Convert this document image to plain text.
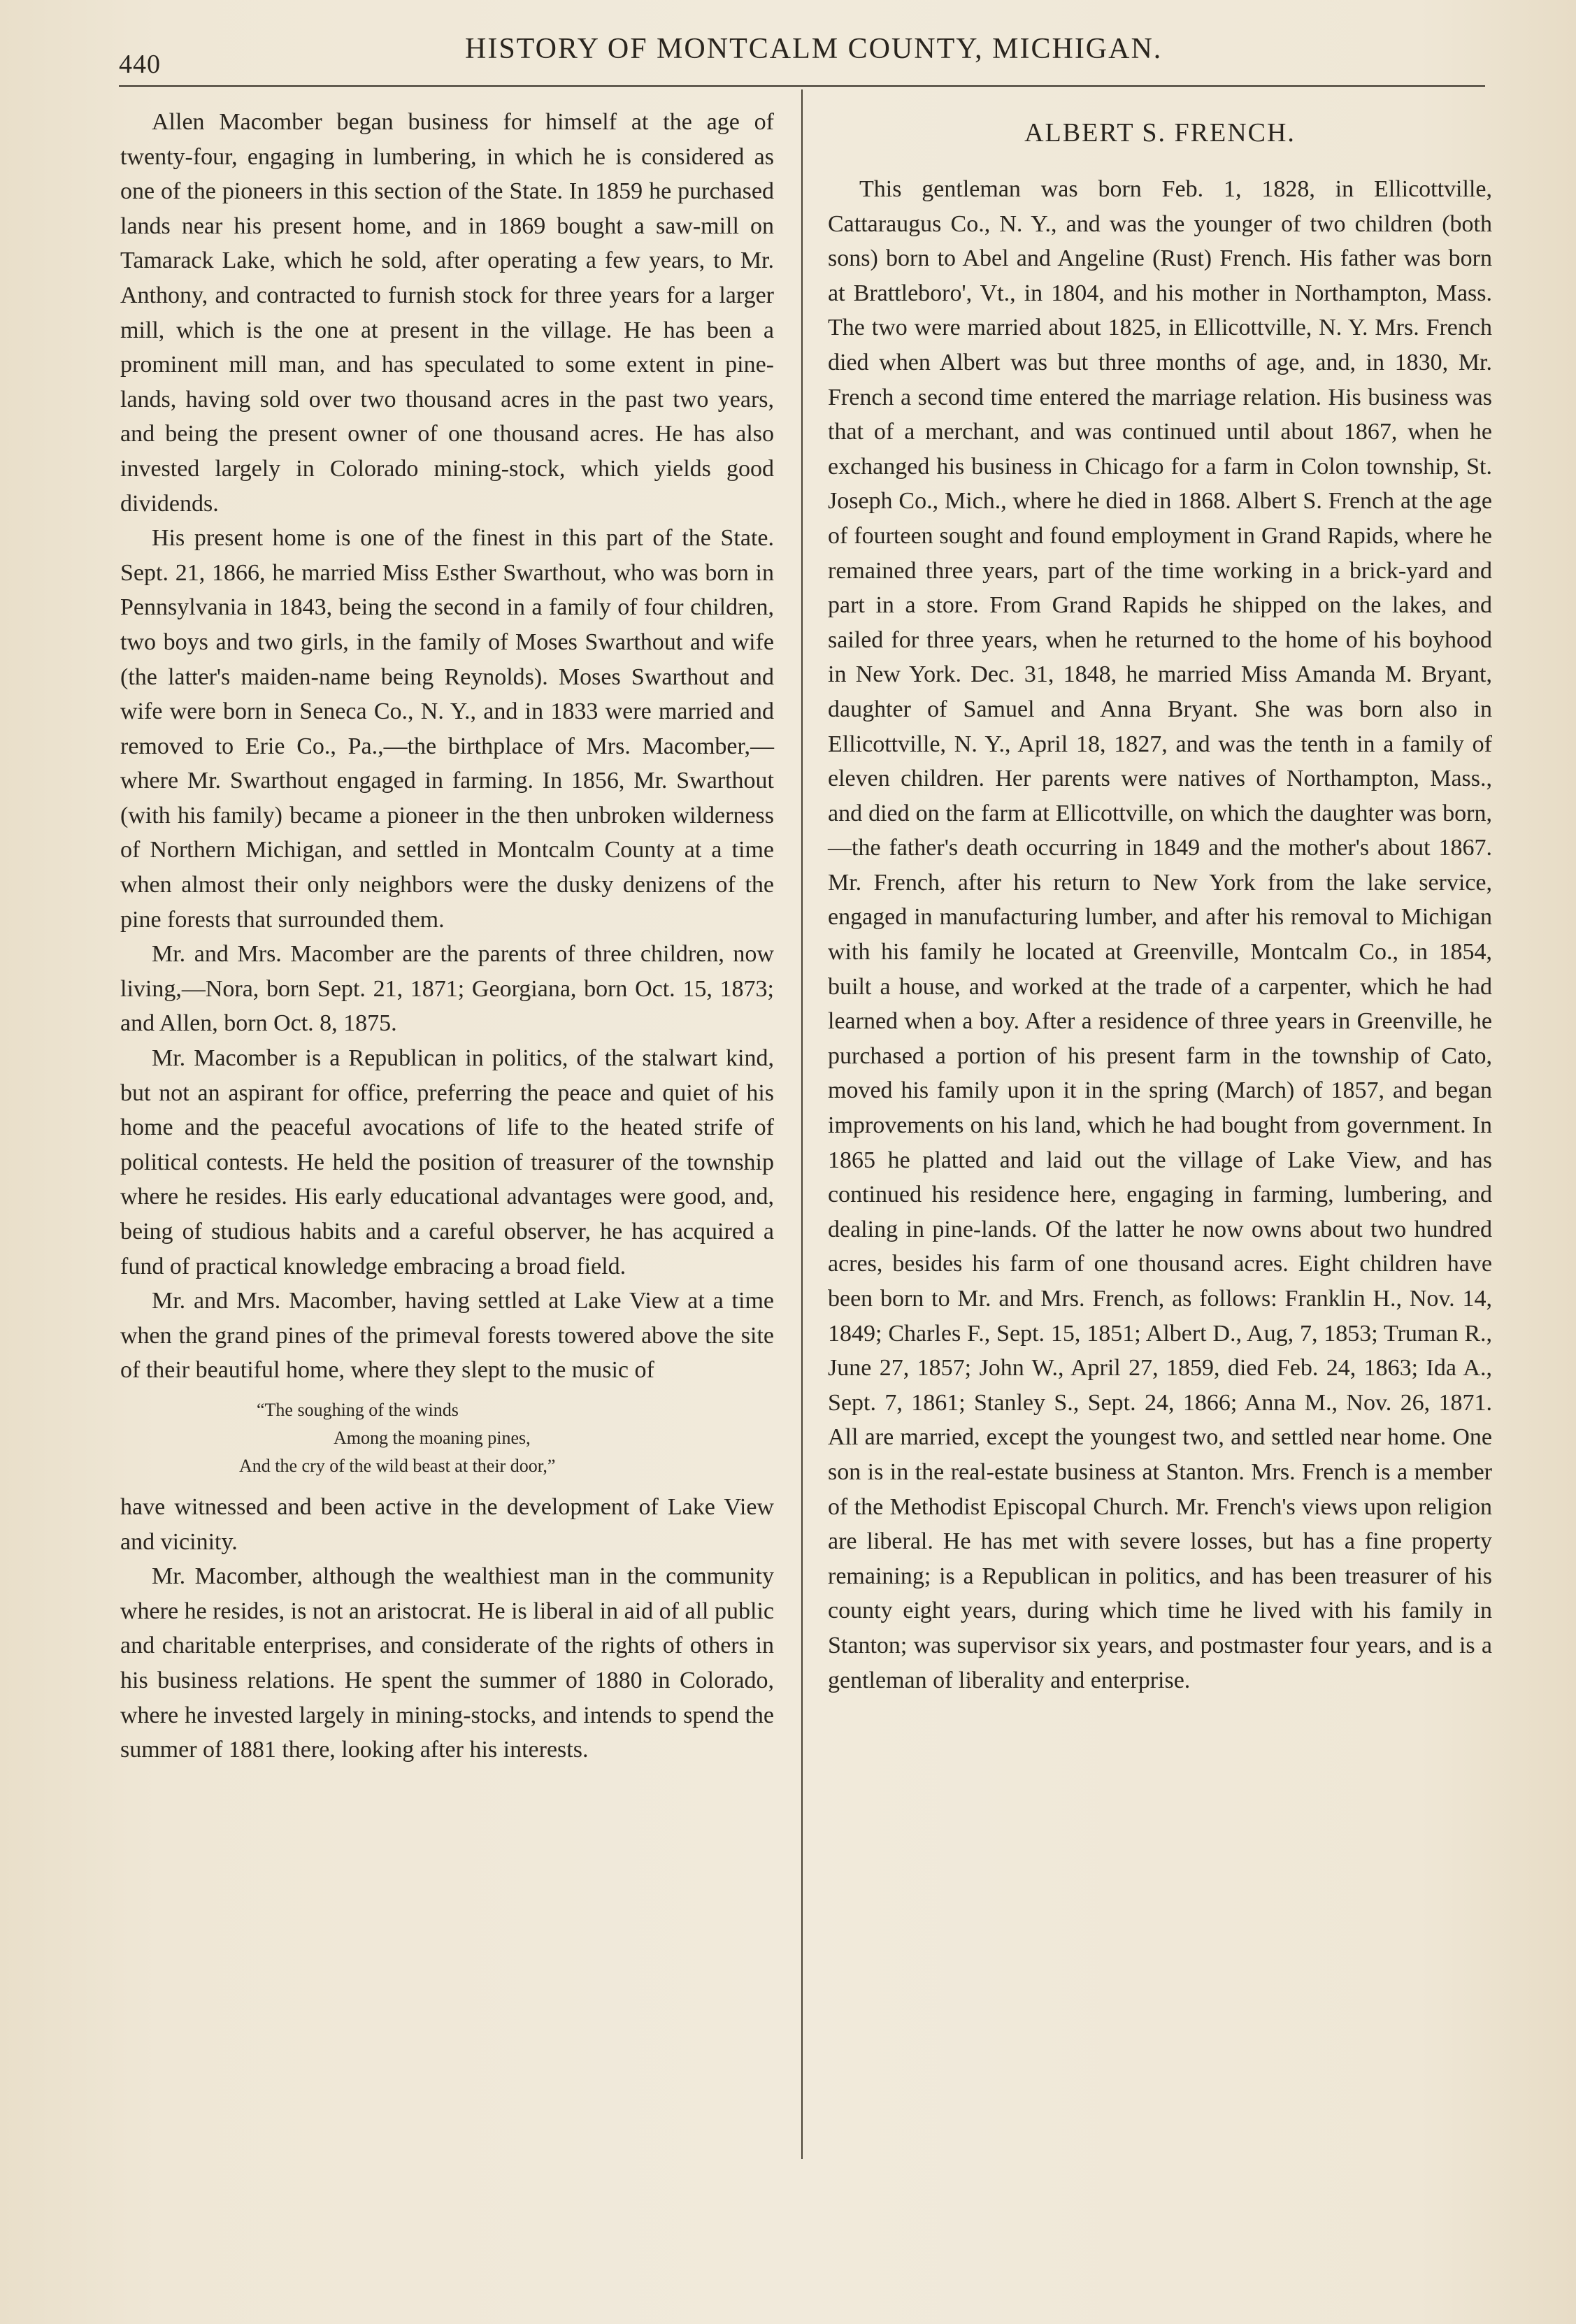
440	HISTORY OF MONTCALM COUNTY, MICHIGAN.

Allen Macomber began business for himself at the age of twenty-four, engaging in lumbering, in which he is considered as one of the pioneers in this section of the State. In 1859 he purchased lands near his present home, and in 1869 bought a saw-mill on Tamarack Lake, which he sold, after operating a few years, to Mr. Anthony, and contracted to furnish stock for three years for a larger mill, which is the one at present in the village. He has been a prominent mill man, and has speculated to some extent in pine-lands, having sold over two thousand acres in the past two years, and being the present owner of one thousand acres. He has also invested largely in Colorado mining-stock, which yields good dividends.

His present home is one of the finest in this part of the State. Sept. 21, 1866, he married Miss Esther Swarthout, who was born in Pennsylvania in 1843, being the second in a family of four children, two boys and two girls, in the family of Moses Swarthout and wife (the latter's maiden-name being Reynolds). Moses Swarthout and wife were born in Seneca Co., N. Y., and in 1833 were married and removed to Erie Co., Pa.,—the birthplace of Mrs. Macomber,—where Mr. Swarthout engaged in farming. In 1856, Mr. Swarthout (with his family) became a pioneer in the then unbroken wilderness of Northern Michigan, and settled in Montcalm County at a time when almost their only neighbors were the dusky denizens of the pine forests that surrounded them.

Mr. and Mrs. Macomber are the parents of three children, now living,—Nora, born Sept. 21, 1871; Georgiana, born Oct. 15, 1873; and Allen, born Oct. 8, 1875.

Mr. Macomber is a Republican in politics, of the stalwart kind, but not an aspirant for office, preferring the peace and quiet of his home and the peaceful avocations of life to the heated strife of political contests. He held the position of treasurer of the township where he resides. His early educational advantages were good, and, being of studious habits and a careful observer, he has acquired a fund of practical knowledge embracing a broad field.

Mr. and Mrs. Macomber, having settled at Lake View at a time when the grand pines of the primeval forests towered above the site of their beautiful home, where they slept to the music of

“The soughing of the winds
Among the moaning pines,
And the cry of the wild beast at their door,”

have witnessed and been active in the development of Lake View and vicinity.

Mr. Macomber, although the wealthiest man in the community where he resides, is not an aristocrat. He is liberal in aid of all public and charitable enterprises, and considerate of the rights of others in his business relations. He spent the summer of 1880 in Colorado, where he invested largely in mining-stocks, and intends to spend the summer of 1881 there, looking after his interests.

ALBERT S. FRENCH.

This gentleman was born Feb. 1, 1828, in Ellicottville, Cattaraugus Co., N. Y., and was the younger of two children (both sons) born to Abel and Angeline (Rust) French. His father was born at Brattleboro', Vt., in 1804, and his mother in Northampton, Mass. The two were married about 1825, in Ellicottville, N. Y. Mrs. French died when Albert was but three months of age, and, in 1830, Mr. French a second time entered the marriage relation. His business was that of a merchant, and was continued until about 1867, when he exchanged his business in Chicago for a farm in Colon township, St. Joseph Co., Mich., where he died in 1868. Albert S. French at the age of fourteen sought and found employment in Grand Rapids, where he remained three years, part of the time working in a brick-yard and part in a store. From Grand Rapids he shipped on the lakes, and sailed for three years, when he returned to the home of his boyhood in New York. Dec. 31, 1848, he married Miss Amanda M. Bryant, daughter of Samuel and Anna Bryant. She was born also in Ellicottville, N. Y., April 18, 1827, and was the tenth in a family of eleven children. Her parents were natives of Northampton, Mass., and died on the farm at Ellicottville, on which the daughter was born,—the father's death occurring in 1849 and the mother's about 1867. Mr. French, after his return to New York from the lake service, engaged in manufacturing lumber, and after his removal to Michigan with his family he located at Greenville, Montcalm Co., in 1854, built a house, and worked at the trade of a carpenter, which he had learned when a boy. After a residence of three years in Greenville, he purchased a portion of his present farm in the township of Cato, moved his family upon it in the spring (March) of 1857, and began improvements on his land, which he had bought from government. In 1865 he platted and laid out the village of Lake View, and has continued his residence here, engaging in farming, lumbering, and dealing in pine-lands. Of the latter he now owns about two hundred acres, besides his farm of one thousand acres. Eight children have been born to Mr. and Mrs. French, as follows: Franklin H., Nov. 14, 1849; Charles F., Sept. 15, 1851; Albert D., Aug, 7, 1853; Truman R., June 27, 1857; John W., April 27, 1859, died Feb. 24, 1863; Ida A., Sept. 7, 1861; Stanley S., Sept. 24, 1866; Anna M., Nov. 26, 1871. All are married, except the youngest two, and settled near home. One son is in the real-estate business at Stanton. Mrs. French is a member of the Methodist Episcopal Church. Mr. French's views upon religion are liberal. He has met with severe losses, but has a fine property remaining; is a Republican in politics, and has been treasurer of his county eight years, during which time he lived with his family in Stanton; was supervisor six years, and postmaster four years, and is a gentleman of liberality and enterprise.
